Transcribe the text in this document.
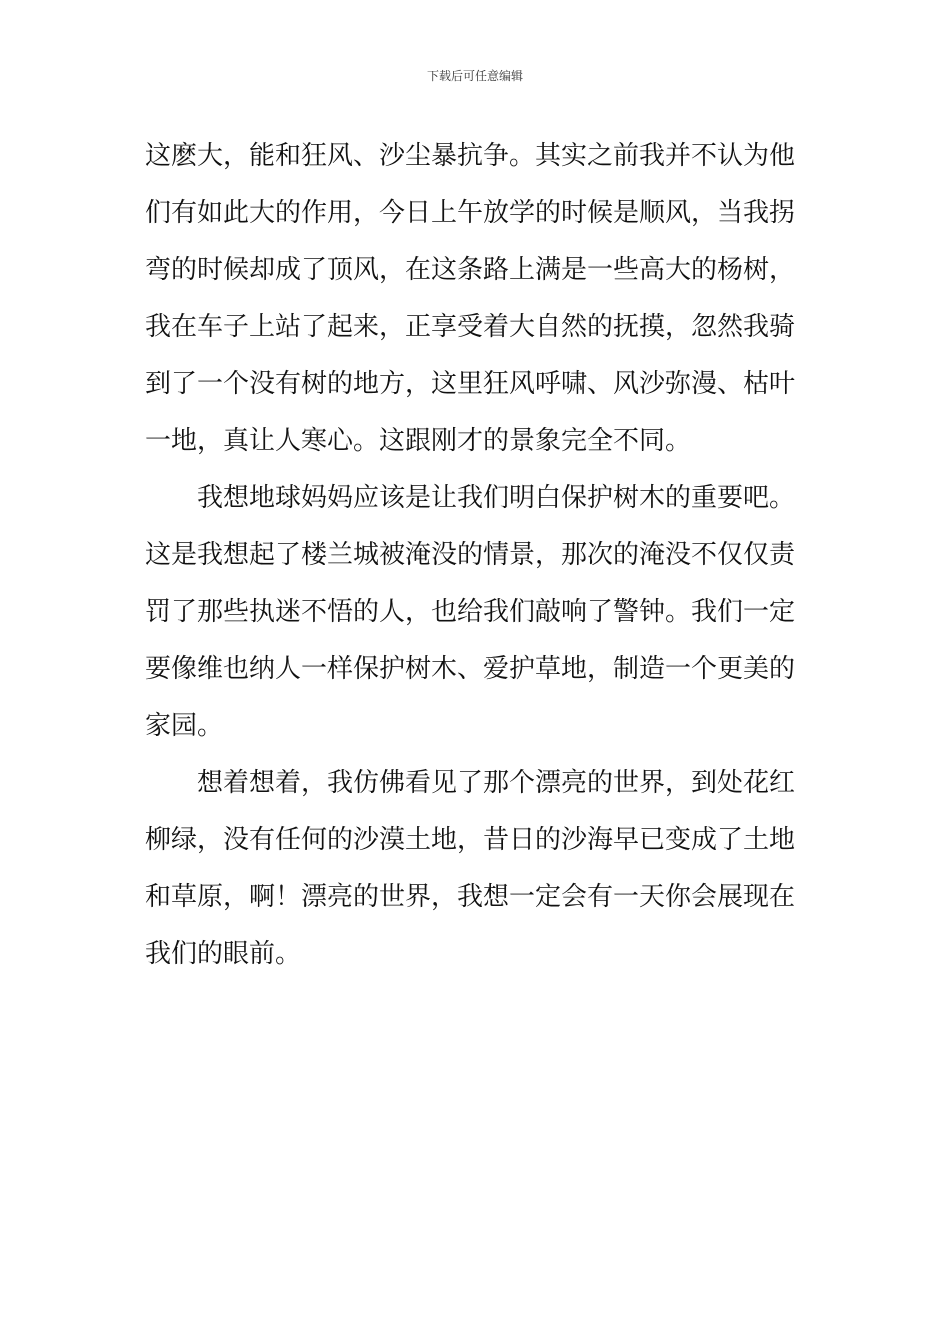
下载后可任意编辑
这麽大，能和狂风、沙尘暴抗争。其实之前我并不认为他
们有如此大的作用，今日上午放学的时候是顺风，当我拐
弯的时候却成了顶风，在这条路上满是一些高大的杨树，
我在车子上站了起来，正享受着大自然的抚摸，忽然我骑
到了一个没有树的地方，这里狂风呼啸、风沙弥漫、枯叶
一地，真让人寒心。这跟刚才的景象完全不同。
我想地球妈妈应该是让我们明白保护树木的重要吧。
这是我想起了楼兰城被淹没的情景，那次的淹没不仅仅责
罚了那些执迷不悟的人，也给我们敲响了警钟。我们一定
要像维也纳人一样保护树木、爱护草地，制造一个更美的
家园。
想着想着，我仿佛看见了那个漂亮的世界，到处花红
柳绿，没有任何的沙漠土地，昔日的沙海早已变成了土地
和草原，啊！漂亮的世界，我想一定会有一天你会展现在
我们的眼前。
